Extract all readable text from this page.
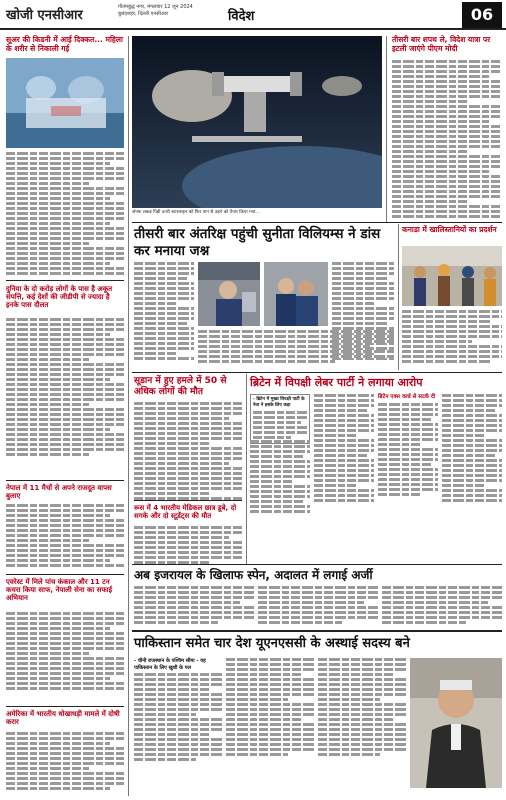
खोजी एनसीआर
गौतमबुद्ध नगर, मंगलवार 12 जून 2024
बुलंदशहर, दिल्ली एनसीआर	विदेश	06
सूअर की किडनी में आई दिक्कत... महिला के शरीर से निकाली गई
दुनिया के दो करोड़ लोगों के पास है अकूत संपत्ति, कई देशों की जीडीपी से ज्यादा है इनके पास दौलत
नेपाल में 11 मैचों से अपने राजदूत वापस बुलाए
एवरेस्ट में मिले पांच कंकाल और 11 टन कचरा किया साफ, नेपाली सेना का सफाई अभियान
अमेरिका में भारतीय धोखाधड़ी मामले में दोषी करार
जेफ्फ लकड़ पिड़ी उतरी स्टारलाइन को फिर यान से उड़ने को तैयार किया गया...
तीसरी बार शपथ ले, विदेश यात्रा पर इटली जाएंगे पीएम मोदी
तीसरी बार अंतरिक्ष पहुंची सुनीता विलियम्स ने डांस कर मनाया जश्न
कनाडा में खालिस्तानियों का प्रदर्शन
सूडान में हुए हमले में 50 से अधिक लोगों की मौत
रूस में 4 भारतीय मेडिकल छात्र डूबे, दो सगके और दो स्टूडेंट्स की मौत
ब्रिटेन में विपक्षी लेबर पार्टी ने लगाया आरोप
- ब्रिटेन में मुख्य विपक्षी पार्टी के नेता ने इसके लिए कहा
ब्रिटेन एक्स वर्ल्ड से सटर्क दी
अब इजरायल के खिलाफ स्पेन, अदालत में लगाई अर्जी
पाकिस्तान समेत चार देश यूएनएससी के अस्थाई सदस्य बने
- चीनी राजस्थान के पश्चिम सीमा - यह पाकिस्तान के लिए खुशी के पल
